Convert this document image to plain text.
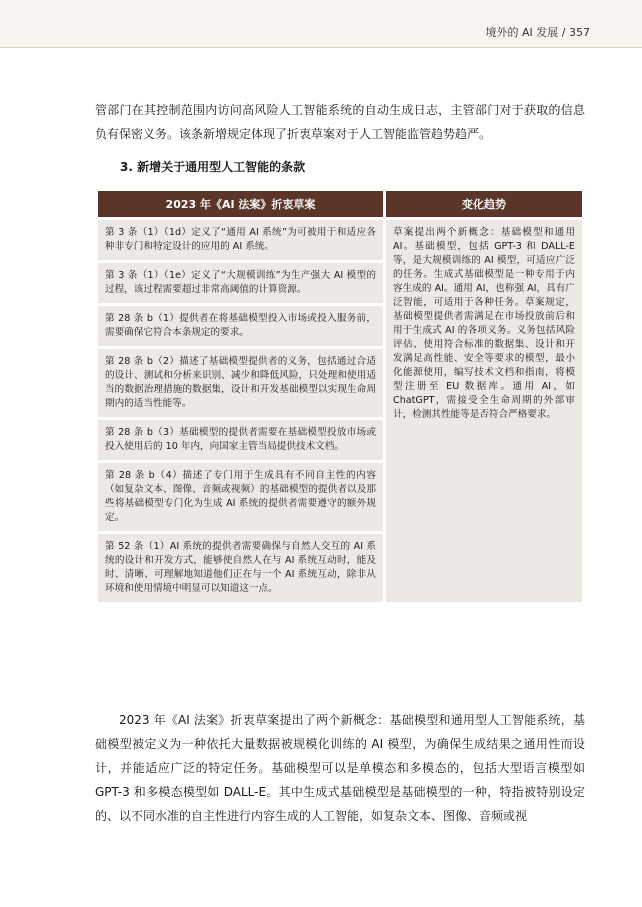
境外的 AI 发展 / 357

管部门在其控制范围内访问高风险人工智能系统的自动生成日志，主管部门对于获取的信息负有保密义务。该条新增规定体现了折衷草案对于人工智能监管趋势趋严。

3. 新增关于通用型人工智能的条款
2023 年《AI 法案》折衷草案	变化趋势
第 3 条（1）（1d）定义了“通用 AI 系统”为可被用于和适应各种非专门和特定设计的应用的 AI 系统。	草案提出两个新概念：基础模型和通用 AI。基础模型，包括 GPT-3 和 DALL-E 等，是大规模训练的 AI 模型，可适应广泛的任务。生成式基础模型是一种专用于内容生成的 AI。通用 AI，也称强 AI，具有广泛智能，可适用于各种任务。草案规定，基础模型提供者需满足在市场投放前后和用于生成式 AI 的各项义务。义务包括风险评估、使用符合标准的数据集、设计和开发满足高性能、安全等要求的模型，最小化能源使用，编写技术文档和指南，将模型注册至 EU 数据库。通用 AI，如 ChatGPT，需接受全生命周期的外部审计，检测其性能等是否符合严格要求。
第 3 条（1）（1e）定义了“大规模训练”为生产强大 AI 模型的过程，该过程需要超过非常高阈值的计算资源。	
第 28 条 b（1）提供者在将基础模型投入市场或投入服务前，需要确保它符合本条规定的要求。	
第 28 条 b（2）描述了基础模型提供者的义务，包括通过合适的设计、测试和分析来识别、减少和降低风险，只处理和使用适当的数据治理措施的数据集，设计和开发基础模型以实现生命周期内的适当性能等。	
第 28 条 b（3）基础模型的提供者需要在基础模型投放市场或投入使用后的 10 年内，向国家主管当局提供技术文档。	
第 28 条 b（4）描述了专门用于生成具有不同自主性的内容（如复杂文本、图像、音频或视频）的基础模型的提供者以及那些将基础模型专门化为生成 AI 系统的提供者需要遵守的额外规定。	
第 52 条（1）AI 系统的提供者需要确保与自然人交互的 AI 系统的设计和开发方式，能够使自然人在与 AI 系统互动时，能及时、清晰、可理解地知道他们正在与一个 AI 系统互动，除非从环境和使用情境中明显可以知道这一点。	

2023 年《AI 法案》折衷草案提出了两个新概念：基础模型和通用型人工智能系统，基础模型被定义为一种依托大量数据被规模化训练的 AI 模型，为确保生成结果之通用性而设计，并能适应广泛的特定任务。基础模型可以是单模态和多模态的，包括大型语言模型如 GPT-3 和多模态模型如 DALL-E。其中生成式基础模型是基础模型的一种，特指被特别设定的、以不同水准的自主性进行内容生成的人工智能，如复杂文本、图像、音频或视
